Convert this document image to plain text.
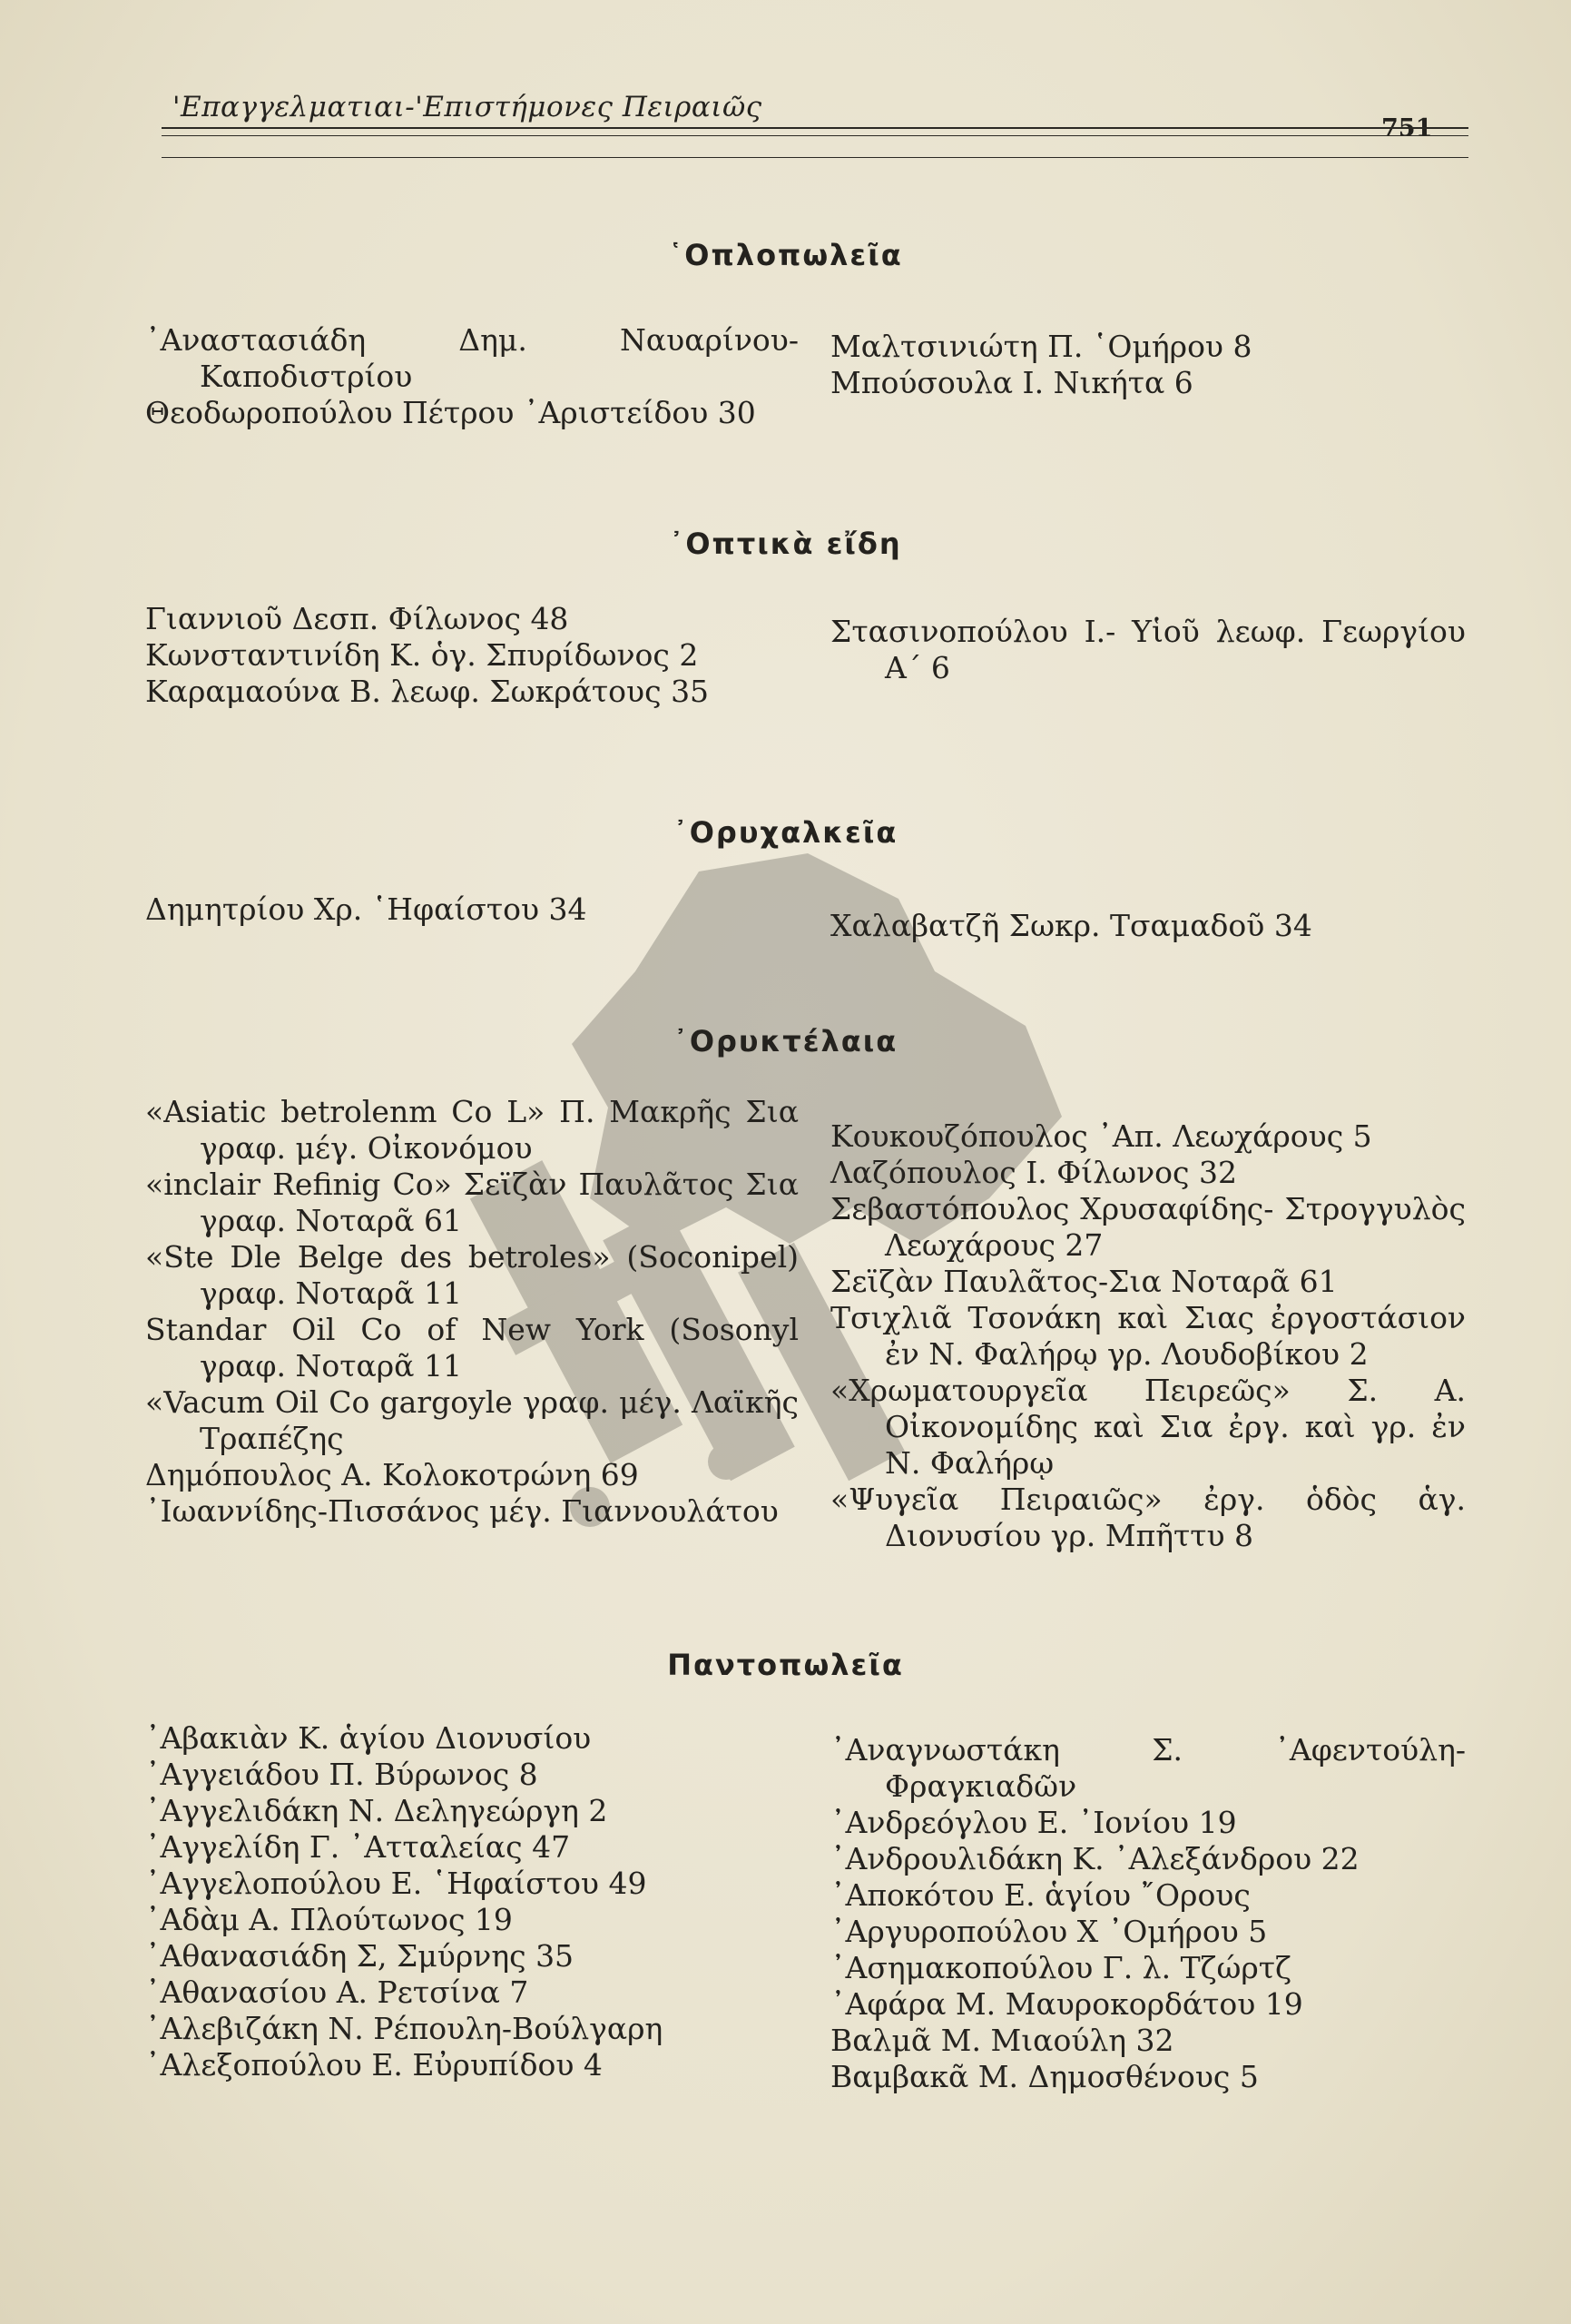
'Επαγγελματιαι-'Επιστήμονες Πειραιῶς
751
῾Οπλοπωλεῖα

᾿Αναστασιάδη Δημ. Ναυαρίνου- Καποδιστρίου

Θεοδωροπούλου Πέτρου ᾿Αριστείδου 30

Μαλτσινιώτη Π. ῾Ομήρου 8

Μπούσουλα Ι. Νικήτα 6

᾿Οπτικὰ εἴδη

Γιαννιοῦ Δεσπ. Φίλωνος 48

Κωνσταντινίδη Κ. ὁγ. Σπυρίδωνος 2

Καραμαούνα Β. λεωφ. Σωκράτους 35

Στασινοπούλου Ι.- Υἱοῦ λεωφ. Γεωργίου Α΄ 6

᾿Ορυχαλκεῖα

Δημητρίου Χρ. ῾Ηφαίστου 34	Χαλαβατζῆ Σωκρ. Τσαμαδοῦ 34

᾿Ορυκτέλαια

«Asiatic betrolenm Co L» Π. Μακρῆς Σια γραφ. μέγ. Οἰκονόμου

«inclair Refinig Co» Σεϊζὰν Παυλᾶτος Σια γραφ. Νοταρᾶ 61

«Ste Dle Belge des betroles» (Soconipel) γραφ. Νοταρᾶ 11

Standar Oil Co of New York (Sosonyl γραφ. Νοταρᾶ 11

«Vacum Oil Co gargoyle γραφ. μέγ. Λαϊκῆς Τραπέζης

Δημόπουλος Α. Κολοκοτρώνη 69

᾿Ιωαννίδης-Πισσάνος μέγ. Γιαννουλάτου

Κουκουζόπουλος ᾿Απ. Λεωχάρους 5

Λαζόπουλος Ι. Φίλωνος 32

Σεβαστόπουλος Χρυσαφίδης- Στρογγυλὸς Λεωχάρους 27

Σεϊζὰν Παυλᾶτος-Σια Νοταρᾶ 61

Τσιχλιᾶ Τσονάκη καὶ Σιας ἐργοστάσιον ἐν Ν. Φαλήρῳ γρ. Λουδοβίκου 2

«Χρωματουργεῖα Πειρεῶς» Σ. Α. Οἰκονομίδης καὶ Σια ἐργ. καὶ γρ. ἐν Ν. Φαλήρῳ

«Ψυγεῖα Πειραιῶς» ἐργ. ὁδὸς ἁγ. Διονυσίου γρ. Μπῆττυ 8

Παντοπωλεῖα

᾿Αβακιὰν Κ. ἁγίου Διονυσίου

᾿Αγγειάδου Π. Βύρωνος 8

᾿Αγγελιδάκη Ν. Δεληγεώργη 2

᾿Αγγελίδη Γ. ᾿Ατταλείας 47

᾿Αγγελοπούλου Ε. ῾Ηφαίστου 49

᾿Αδὰμ Α. Πλούτωνος 19

᾿Αθανασιάδη Σ, Σμύρνης 35

᾿Αθανασίου Α. Ρετσίνα 7

᾿Αλεβιζάκη Ν. Ρέπουλη-Βούλγαρη

᾿Αλεξοπούλου Ε. Εὐρυπίδου 4

᾿Αναγνωστάκη Σ. ᾿Αφεντούλη-Φραγκιαδῶν

᾿Ανδρεόγλου Ε. ᾿Ιονίου 19

᾿Ανδρουλιδάκη Κ. ᾿Αλεξάνδρου 22

᾿Αποκότου Ε. ἁγίου ῎Ορους

᾿Αργυροπούλου Χ ᾿Ομήρου 5

᾿Ασημακοπούλου Γ. λ. Τζώρτζ

᾿Αφάρα Μ. Μαυροκορδάτου 19

Βαλμᾶ Μ. Μιαούλη 32

Βαμβακᾶ Μ. Δημοσθένους 5
